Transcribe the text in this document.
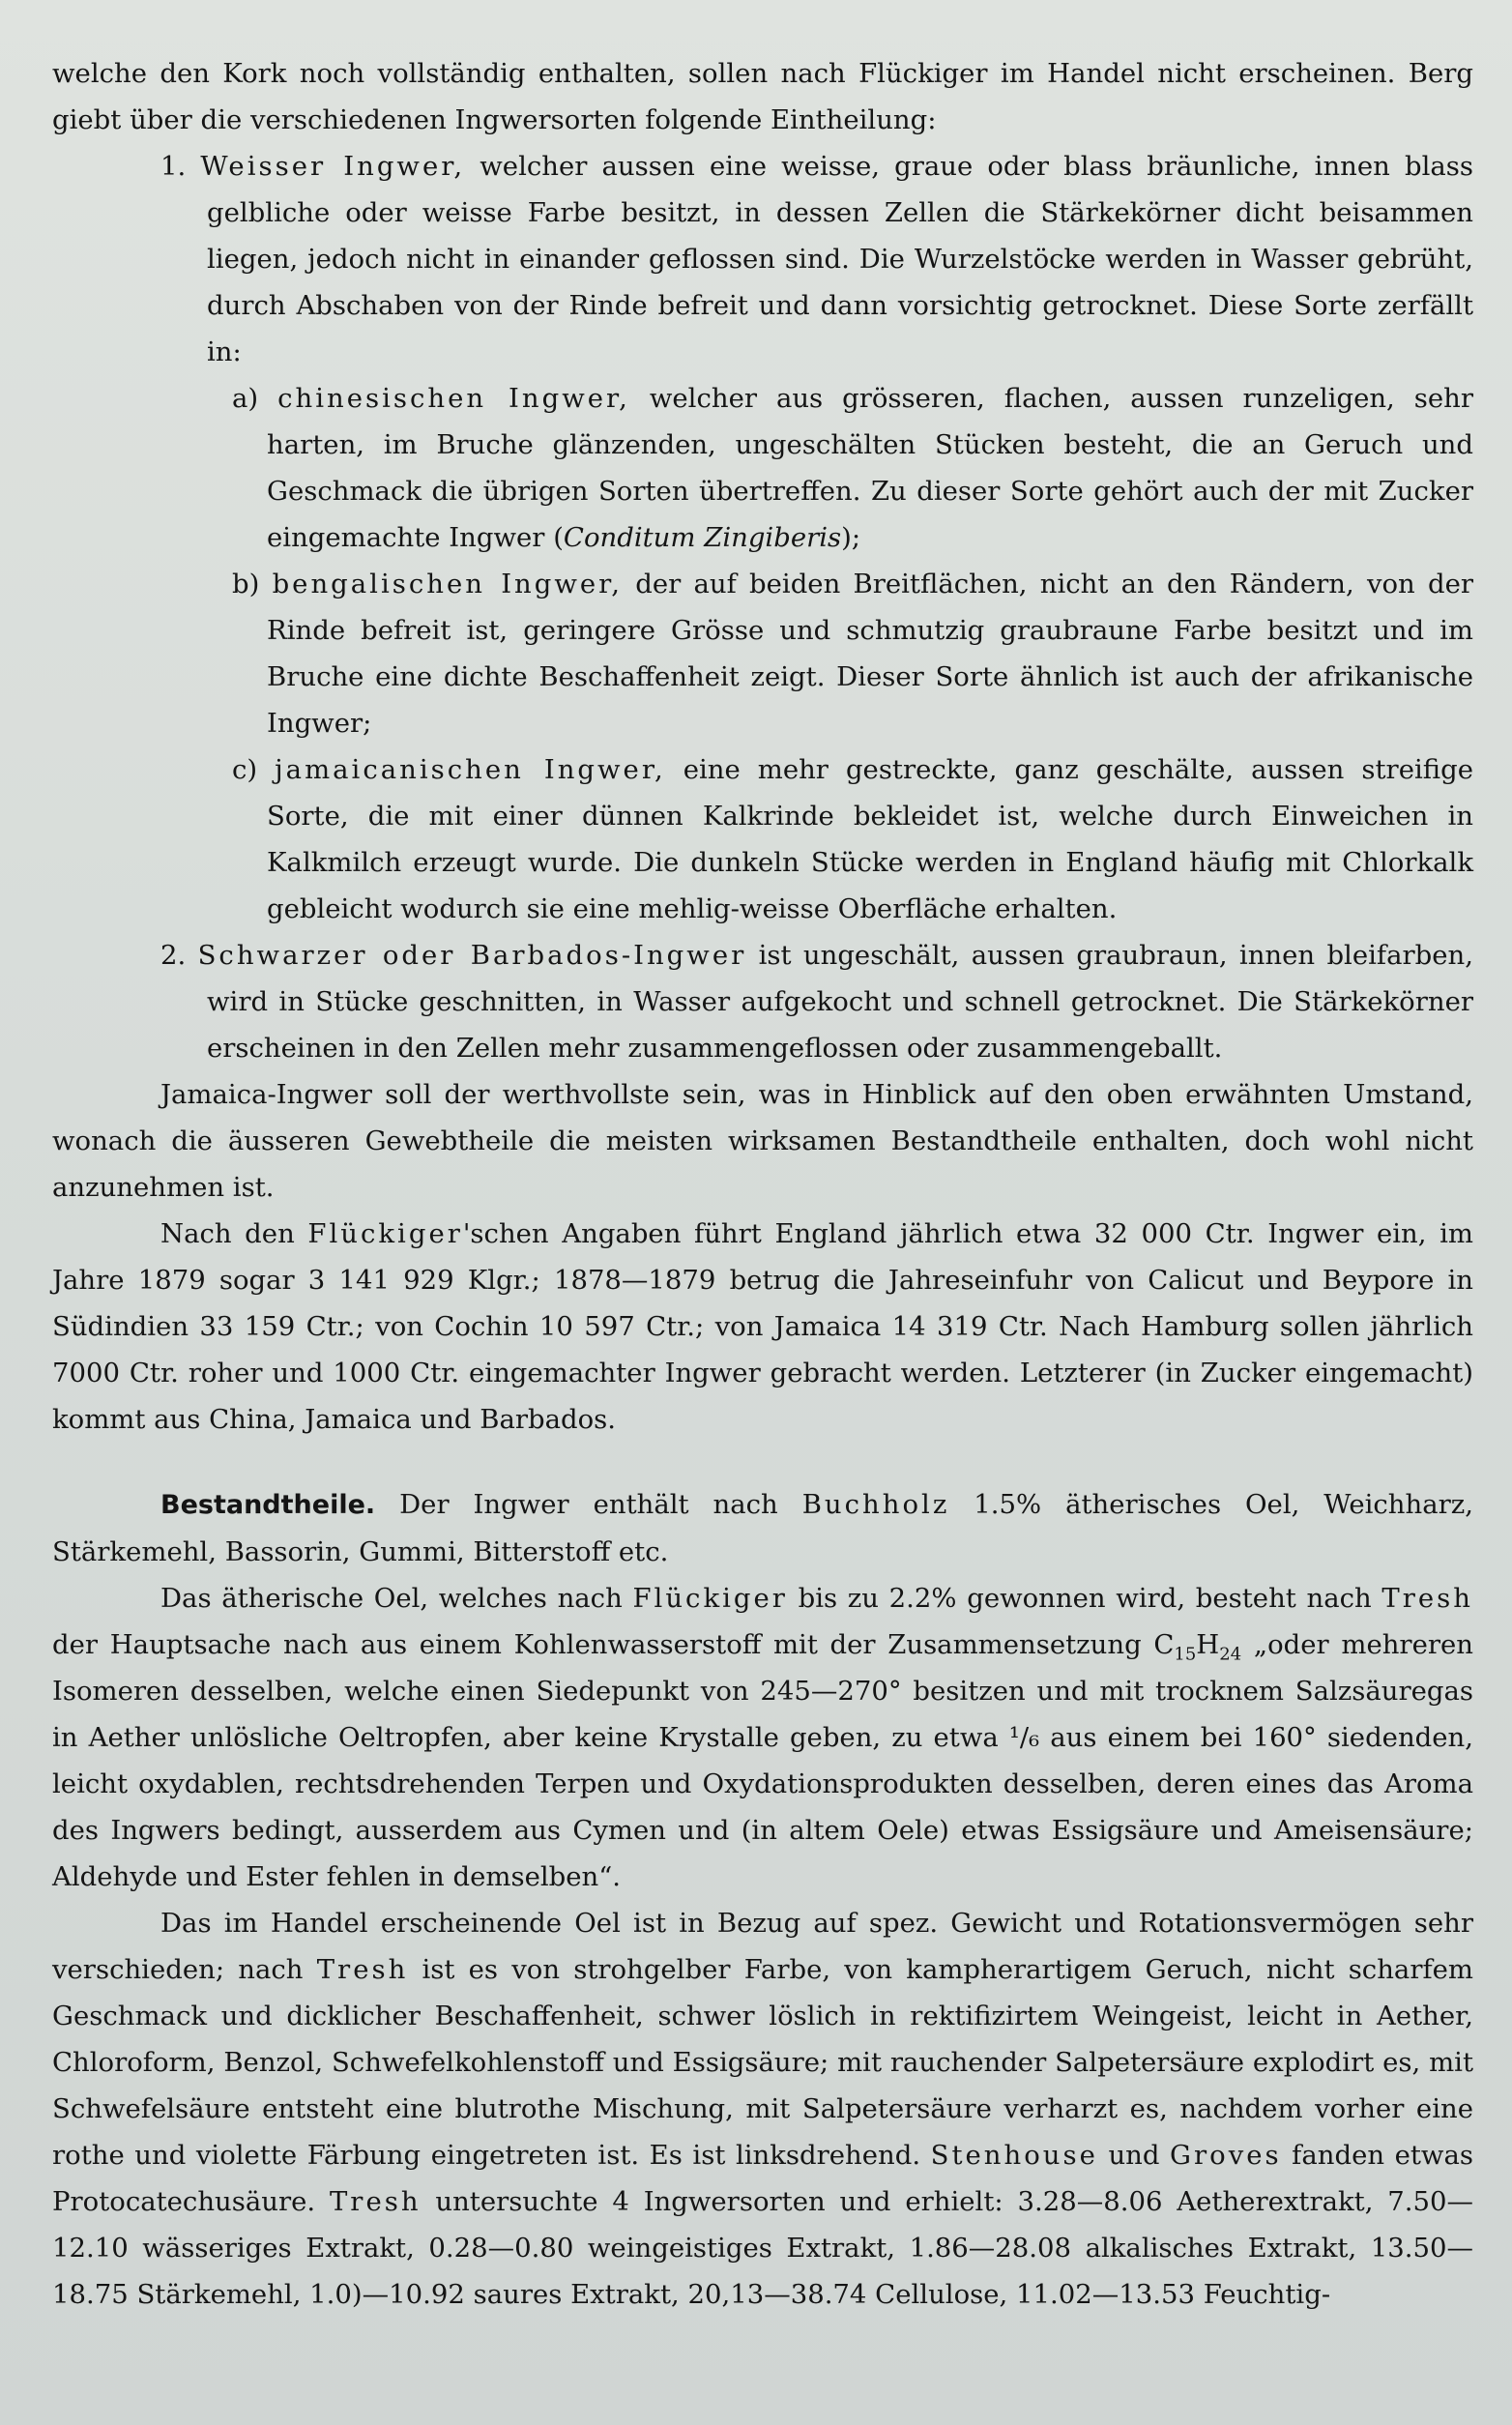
welche den Kork noch vollständig enthalten, sollen nach Flückiger im Handel nicht erscheinen. Berg giebt über die verschiedenen Ingwersorten folgende Eintheilung:

1. Weisser Ingwer, welcher aussen eine weisse, graue oder blass bräunliche, innen blass gelbliche oder weisse Farbe besitzt, in dessen Zellen die Stärkekörner dicht beisammen liegen, jedoch nicht in einander geflossen sind. Die Wurzelstöcke werden in Wasser gebrüht, durch Abschaben von der Rinde befreit und dann vorsichtig getrocknet. Diese Sorte zerfällt in:
a) chinesischen Ingwer, welcher aus grösseren, flachen, aussen runzeligen, sehr harten, im Bruche glänzenden, ungeschälten Stücken besteht, die an Geruch und Geschmack die übrigen Sorten übertreffen. Zu dieser Sorte gehört auch der mit Zucker eingemachte Ingwer (Conditum Zingiberis);
b) bengalischen Ingwer, der auf beiden Breitflächen, nicht an den Rändern, von der Rinde befreit ist, geringere Grösse und schmutzig graubraune Farbe besitzt und im Bruche eine dichte Beschaffenheit zeigt. Dieser Sorte ähnlich ist auch der afrikanische Ingwer;
c) jamaicanischen Ingwer, eine mehr gestreckte, ganz geschälte, aussen streifige Sorte, die mit einer dünnen Kalkrinde bekleidet ist, welche durch Einweichen in Kalkmilch erzeugt wurde. Die dunkeln Stücke werden in England häufig mit Chlorkalk gebleicht wodurch sie eine mehlig-weisse Oberfläche erhalten.
2. Schwarzer oder Barbados-Ingwer ist ungeschält, aussen graubraun, innen bleifarben, wird in Stücke geschnitten, in Wasser aufgekocht und schnell getrocknet. Die Stärkekörner erscheinen in den Zellen mehr zusammengeflossen oder zusammengeballt.

Jamaica-Ingwer soll der werthvollste sein, was in Hinblick auf den oben erwähnten Umstand, wonach die äusseren Gewebtheile die meisten wirksamen Bestandtheile enthalten, doch wohl nicht anzunehmen ist.

Nach den Flückiger'schen Angaben führt England jährlich etwa 32 000 Ctr. Ingwer ein, im Jahre 1879 sogar 3 141 929 Klgr.; 1878—1879 betrug die Jahreseinfuhr von Calicut und Beypore in Südindien 33 159 Ctr.; von Cochin 10 597 Ctr.; von Jamaica 14 319 Ctr. Nach Hamburg sollen jährlich 7000 Ctr. roher und 1000 Ctr. eingemachter Ingwer gebracht werden. Letzterer (in Zucker eingemacht) kommt aus China, Jamaica und Barbados.

Bestandtheile. Der Ingwer enthält nach Buchholz 1.5% ätherisches Oel, Weichharz, Stärkemehl, Bassorin, Gummi, Bitterstoff etc.

Das ätherische Oel, welches nach Flückiger bis zu 2.2% gewonnen wird, besteht nach Tresh der Hauptsache nach aus einem Kohlenwasserstoff mit der Zusammensetzung $C_{15}H_{24}$ „oder mehreren Isomeren desselben, welche einen Siedepunkt von 245—270° besitzen und mit trocknem Salzsäuregas in Aether unlösliche Oeltropfen, aber keine Krystalle geben, zu etwa ¹/₆ aus einem bei 160° siedenden, leicht oxydablen, rechtsdrehenden Terpen und Oxydationsprodukten desselben, deren eines das Aroma des Ingwers bedingt, ausserdem aus Cymen und (in altem Oele) etwas Essigsäure und Ameisensäure; Aldehyde und Ester fehlen in demselben“.

Das im Handel erscheinende Oel ist in Bezug auf spez. Gewicht und Rotationsvermögen sehr verschieden; nach Tresh ist es von strohgelber Farbe, von kampherartigem Geruch, nicht scharfem Geschmack und dicklicher Beschaffenheit, schwer löslich in rektifizirtem Weingeist, leicht in Aether, Chloroform, Benzol, Schwefelkohlenstoff und Essigsäure; mit rauchender Salpetersäure explodirt es, mit Schwefelsäure entsteht eine blutrothe Mischung, mit Salpetersäure verharzt es, nachdem vorher eine rothe und violette Färbung eingetreten ist. Es ist linksdrehend. Stenhouse und Groves fanden etwas Protocatechusäure. Tresh untersuchte 4 Ingwersorten und erhielt: 3.28—8.06 Aetherextrakt, 7.50—12.10 wässeriges Extrakt, 0.28—0.80 weingeistiges Extrakt, 1.86—28.08 alkalisches Extrakt, 13.50—18.75 Stärkemehl, 1.0)—10.92 saures Extrakt, 20,13—38.74 Cellulose, 11.02—13.53 Feuchtig-
